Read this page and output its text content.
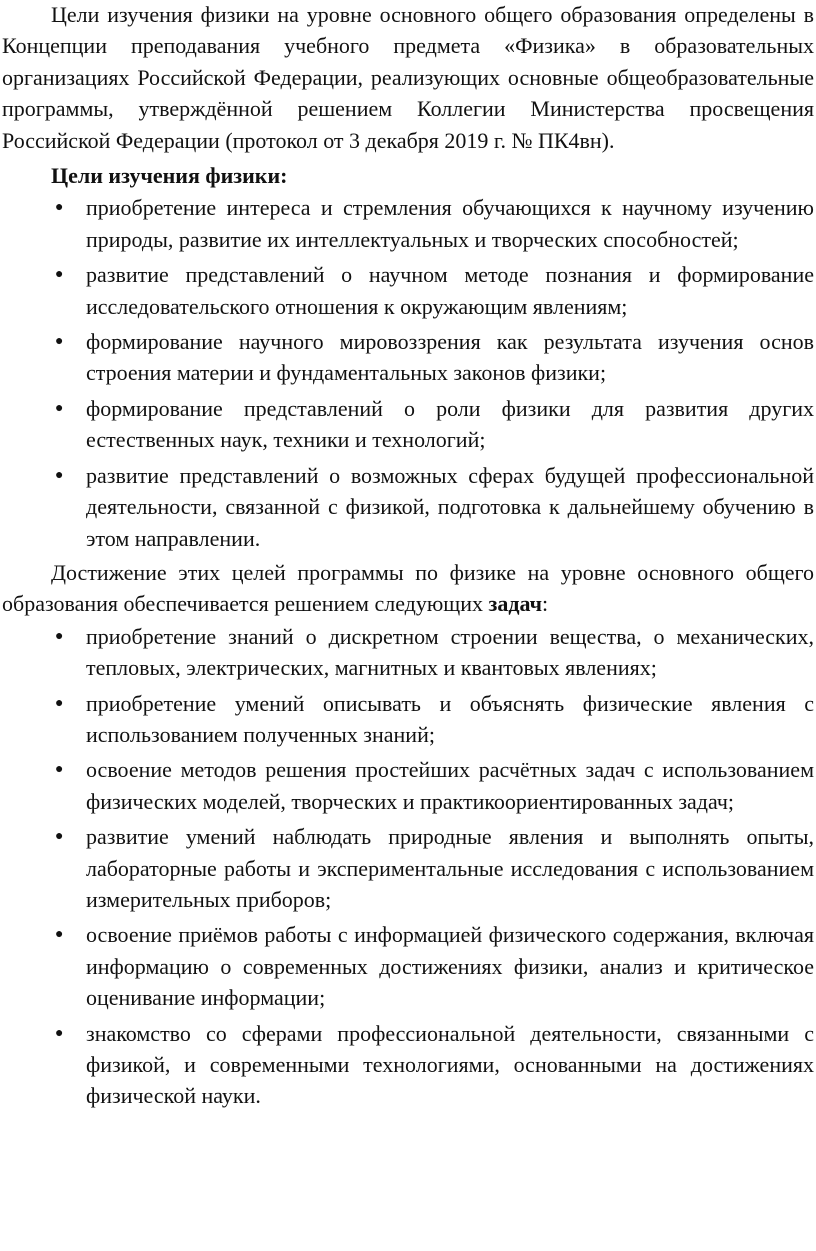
Цели изучения физики на уровне основного общего образования определены в Концепции преподавания учебного предмета «Физика» в образовательных организациях Российской Федерации, реализующих основные общеобразовательные программы, утверждённой решением Коллегии Министерства просвещения Российской Федерации (протокол от 3 декабря 2019 г. № ПК4вн).

Цели изучения физики:

● приобретение интереса и стремления обучающихся к научному изучению природы, развитие их интеллектуальных и творческих способностей;
● развитие представлений о научном методе познания и формирование исследовательского отношения к окружающим явлениям;
● формирование научного мировоззрения как результата изучения основ строения материи и фундаментальных законов физики;
● формирование представлений о роли физики для развития других естественных наук, техники и технологий;
● развитие представлений о возможных сферах будущей профессиональной деятельности, связанной с физикой, подготовка к дальнейшему обучению в этом направлении.

Достижение этих целей программы по физике на уровне основного общего образования обеспечивается решением следующих задач:

● приобретение знаний о дискретном строении вещества, о механических, тепловых, электрических, магнитных и квантовых явлениях;
● приобретение умений описывать и объяснять физические явления с использованием полученных знаний;
● освоение методов решения простейших расчётных задач с использованием физических моделей, творческих и практикоориентированных задач;
● развитие умений наблюдать природные явления и выполнять опыты, лабораторные работы и экспериментальные исследования с использованием измерительных приборов;
● освоение приёмов работы с информацией физического содержания, включая информацию о современных достижениях физики, анализ и критическое оценивание информации;
● знакомство со сферами профессиональной деятельности, связанными с физикой, и современными технологиями, основанными на достижениях физической науки.
